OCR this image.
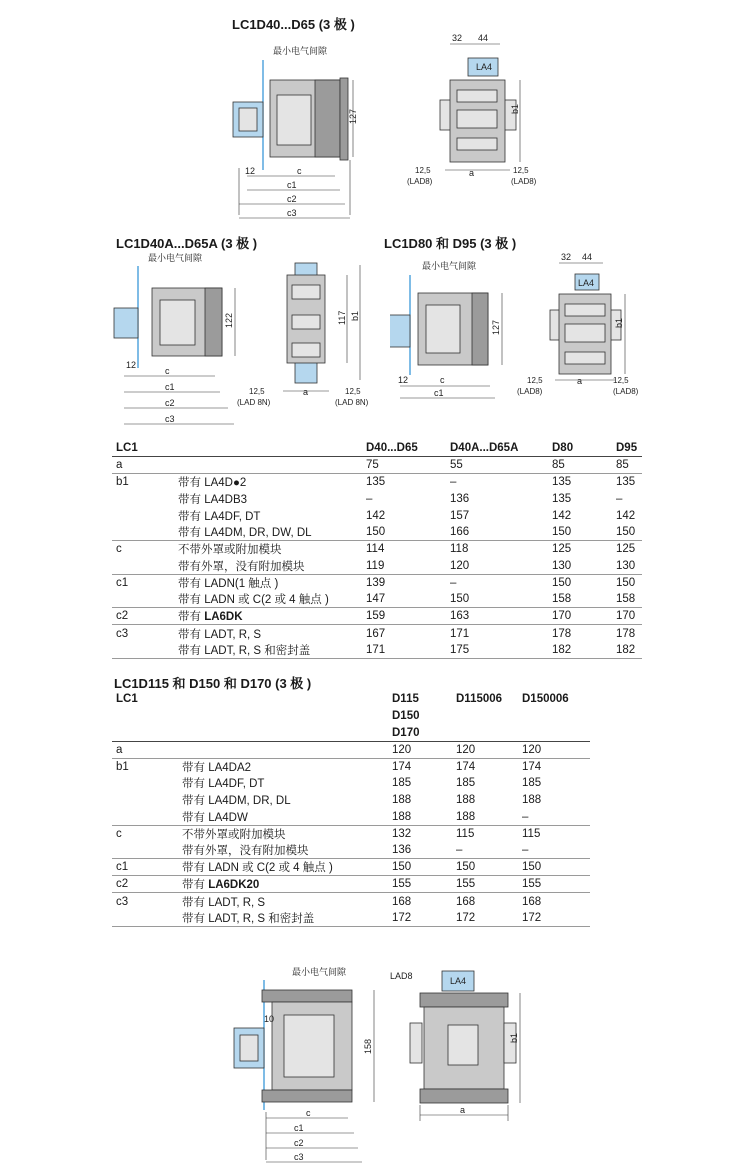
LC1D40...D65 (3 极 )
最小电气间隙
127
12	c
c1
c2
c3
32 44
LA4
b1
12,5
(LAD8)
a	12,5
(LAD8)
LC1D40A...D65A (3 极 )	LC1D80 和 D95 (3 极 )
最小电气间隙
122
12
c
c1
c2
c3
117 b1
12,5
(LAD 8N)
a	12,5
(LAD 8N)
最小电气间隙
127
12	c
c1
32 44
LA4
b1
12,5
(LAD8)
a	12,5
(LAD8)
LC1		D40...D65	D40A...D65A	D80	D95
a		75	55	85	85
b1	带有 LA4D●2	135	–	135	135
	带有 LA4DB3	–	136	135	–
	带有 LA4DF, DT	142	157	142	142
	带有 LA4DM, DR, DW, DL	150	166	150	150
c	不带外罩或附加模块	114	118	125	125
	带有外罩，没有附加模块	119	120	130	130
c1	带有 LADN(1 触点 )	139	–	150	150
	带有 LADN 或 C(2 或 4 触点 )	147	150	158	158
c2	带有 LA6DK	159	163	170	170
c3	带有 LADT, R, S	167	171	178	178
	带有 LADT, R, S 和密封盖	171	175	182	182
LC1D115 和 D150 和 D170 (3 极 )
LC1		D115	D115006	D150006
		D150		
		D170		
a		120	120	120
b1	带有 LA4DA2	174	174	174
	带有 LA4DF, DT	185	185	185
	带有 LA4DM, DR, DL	188	188	188
	带有 LA4DW	188	188	–
c	不带外罩或附加模块	132	115	115
	带有外罩，没有附加模块	136	–	–
c1	带有 LADN 或 C(2 或 4 触点 )	150	150	150
c2	带有 LA6DK20	155	155	155
c3	带有 LADT, R, S	168	168	168
	带有 LADT, R, S 和密封盖	172	172	172
最小电气间隙
158
10
c
c1
c2
c3
LAD8	LA4
b1
a
